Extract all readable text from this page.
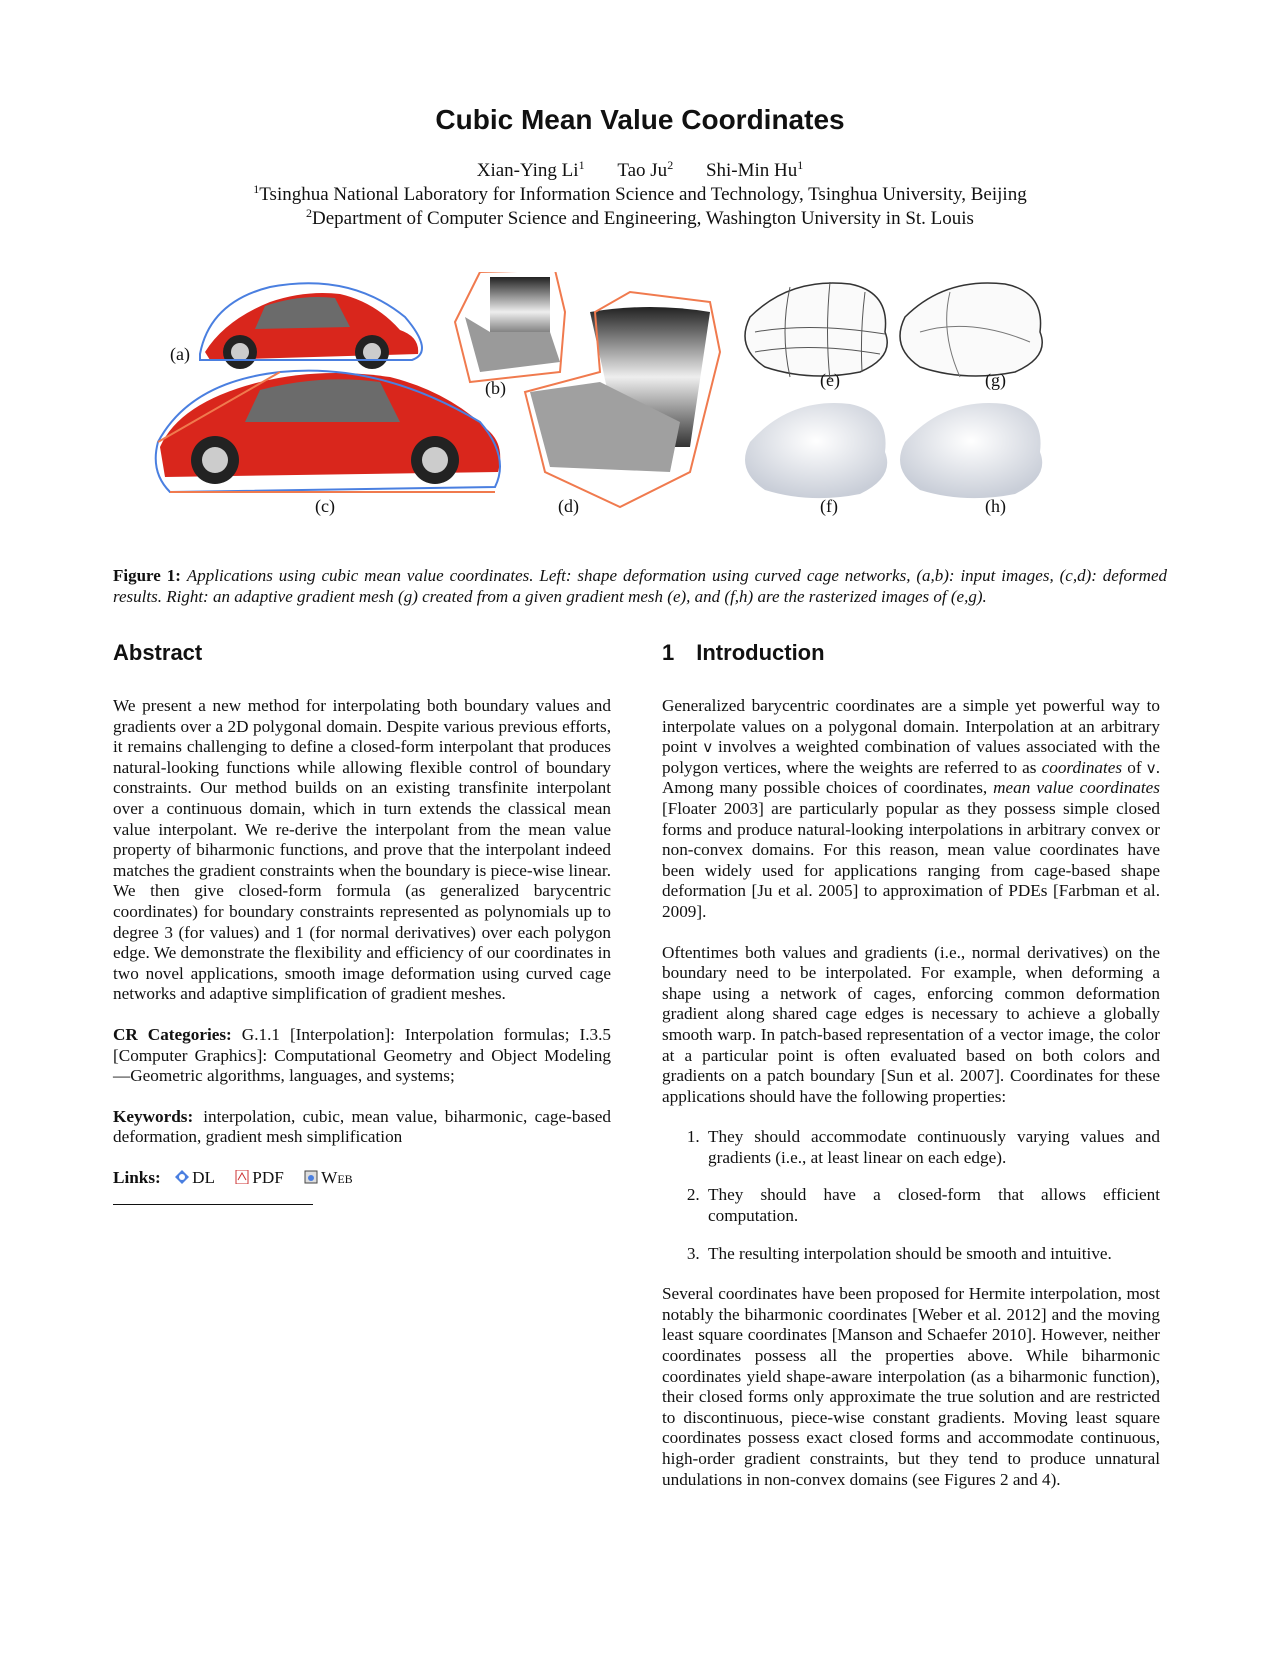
Cubic Mean Value Coordinates
Xian-Ying Li$^1$ Tao Ju$^2$ Shi-Min Hu$^1$
$^1$Tsinghua National Laboratory for Information Science and Technology, Tsinghua University, Beijing
$^2$Department of Computer Science and Engineering, Washington University in St. Louis
(a)
(b)
(c)	(d)
(e)	(g)
(f)	(h)
Figure 1: Applications using cubic mean value coordinates. Left: shape deformation using curved cage networks, (a,b): input images, (c,d): deformed results. Right: an adaptive gradient mesh (g) created from a given gradient mesh (e), and (f,h) are the rasterized images of (e,g).
Abstract

We present a new method for interpolating both boundary values and gradients over a 2D polygonal domain. Despite various previous efforts, it remains challenging to define a closed-form interpolant that produces natural-looking functions while allowing flexible control of boundary constraints. Our method builds on an existing transfinite interpolant over a continuous domain, which in turn extends the classical mean value interpolant. We re-derive the interpolant from the mean value property of biharmonic functions, and prove that the interpolant indeed matches the gradient constraints when the boundary is piece-wise linear. We then give closed-form formula (as generalized barycentric coordinates) for boundary constraints represented as polynomials up to degree 3 (for values) and 1 (for normal derivatives) over each polygon edge. We demonstrate the flexibility and efficiency of our coordinates in two novel applications, smooth image deformation using curved cage networks and adaptive simplification of gradient meshes.

CR Categories: G.1.1 [Interpolation]: Interpolation formulas; I.3.5 [Computer Graphics]: Computational Geometry and Object Modeling—Geometric algorithms, languages, and systems;

Keywords: interpolation, cubic, mean value, biharmonic, cage-based deformation, gradient mesh simplification

Links: DL PDF Web
1 Introduction

Generalized barycentric coordinates are a simple yet powerful way to interpolate values on a polygonal domain. Interpolation at an arbitrary point v involves a weighted combination of values associated with the polygon vertices, where the weights are referred to as coordinates of v. Among many possible choices of coordinates, mean value coordinates [Floater 2003] are particularly popular as they possess simple closed forms and produce natural-looking interpolations in arbitrary convex or non-convex domains. For this reason, mean value coordinates have been widely used for applications ranging from cage-based shape deformation [Ju et al. 2005] to approximation of PDEs [Farbman et al. 2009].

Oftentimes both values and gradients (i.e., normal derivatives) on the boundary need to be interpolated. For example, when deforming a shape using a network of cages, enforcing common deformation gradient along shared cage edges is necessary to achieve a globally smooth warp. In patch-based representation of a vector image, the color at a particular point is often evaluated based on both colors and gradients on a patch boundary [Sun et al. 2007]. Coordinates for these applications should have the following properties:

1. They should accommodate continuously varying values and gradients (i.e., at least linear on each edge).
2. They should have a closed-form that allows efficient computation.
3. The resulting interpolation should be smooth and intuitive.

Several coordinates have been proposed for Hermite interpolation, most notably the biharmonic coordinates [Weber et al. 2012] and the moving least square coordinates [Manson and Schaefer 2010]. However, neither coordinates possess all the properties above. While biharmonic coordinates yield shape-aware interpolation (as a biharmonic function), their closed forms only approximate the true solution and are restricted to discontinuous, piece-wise constant gradients. Moving least square coordinates possess exact closed forms and accommodate continuous, high-order gradient constraints, but they tend to produce unnatural undulations in non-convex domains (see Figures 2 and 4).
